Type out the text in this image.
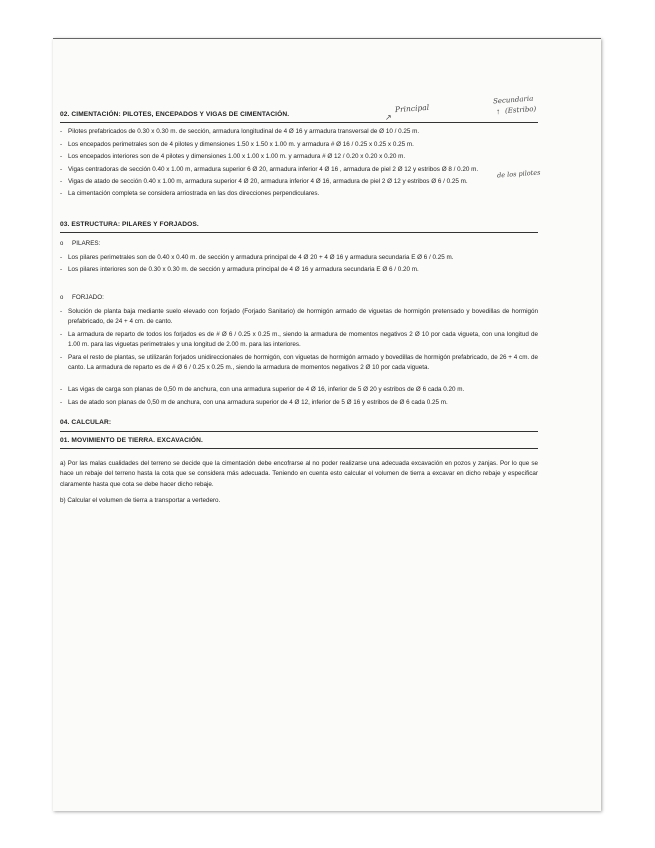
↗
Principal
Secundaria
↑ (Estribo)
de los pilotes
02. CIMENTACIÓN: PILOTES, ENCEPADOS Y VIGAS DE CIMENTACIÓN.
- Pilotes prefabricados de 0.30 x 0.30 m. de sección, armadura longitudinal de 4 Ø 16 y armadura transversal de Ø 10 / 0.25 m.
- Los encepados perimetrales son de 4 pilotes y dimensiones 1.50 x 1.50 x 1.00 m. y armadura # Ø 16 / 0.25 x 0.25 x 0.25 m.
- Los encepados interiores son de 4 pilotes y dimensiones 1.00 x 1.00 x 1.00 m. y armadura # Ø 12 / 0.20 x 0.20 x 0.20 m.
- Vigas centradoras de sección 0.40 x 1.00 m, armadura superior 6 Ø 20, armadura inferior 4 Ø 16 , armadura de piel 2 Ø 12 y estribos Ø 8 / 0.20 m.
- Vigas de atado de sección 0.40 x 1.00 m, armadura superior 4 Ø 20, armadura inferior 4 Ø 16, armadura de piel 2 Ø 12 y estribos Ø 6 / 0.25 m.
- La cimentación completa se considera arriostrada en las dos direcciones perpendiculares.
03. ESTRUCTURA: PILARES Y FORJADOS.
o PILARES:
- Los pilares perimetrales son de 0.40 x 0.40 m. de sección y armadura principal de 4 Ø 20 + 4 Ø 16 y armadura secundaria E Ø 6 / 0.25 m.
- Los pilares interiores son de 0.30 x 0.30 m. de sección y armadura principal de 4 Ø 16 y armadura secundaria E Ø 6 / 0.20 m.
o FORJADO:
- Solución de planta baja mediante suelo elevado con forjado (Forjado Sanitario) de hormigón armado de viguetas de hormigón pretensado y bovedillas de hormigón prefabricado, de 24 + 4 cm. de canto.
- La armadura de reparto de todos los forjados es de # Ø 6 / 0.25 x 0.25 m., siendo la armadura de momentos negativos 2 Ø 10 por cada vigueta, con una longitud de 1.00 m. para las viguetas perimetrales y una longitud de 2.00 m. para las interiores.
- Para el resto de plantas, se utilizarán forjados unidireccionales de hormigón, con viguetas de hormigón armado y bovedillas de hormigón prefabricado, de 26 + 4 cm. de canto. La armadura de reparto es de # Ø 6 / 0.25 x 0.25 m., siendo la armadura de momentos negativos 2 Ø 10 por cada vigueta.
- Las vigas de carga son planas de 0,50 m de anchura, con una armadura superior de 4 Ø 16, inferior de 5 Ø 20 y estribos de Ø 6 cada 0.20 m.
- Las de atado son planas de 0,50 m de anchura, con una armadura superior de 4 Ø 12, inferior de 5 Ø 16 y estribos de Ø 6 cada 0.25 m.
04. CALCULAR:
01. MOVIMIENTO DE TIERRA. EXCAVACIÓN.
a) Por las malas cualidades del terreno se decide que la cimentación debe encofrarse al no poder realizarse una adecuada excavación en pozos y zanjas. Por lo que se hace un rebaje del terreno hasta la cota que se considera más adecuada. Teniendo en cuenta esto calcular el volumen de tierra a excavar en dicho rebaje y especificar claramente hasta que cota se debe hacer dicho rebaje.
b) Calcular el volumen de tierra a transportar a vertedero.
